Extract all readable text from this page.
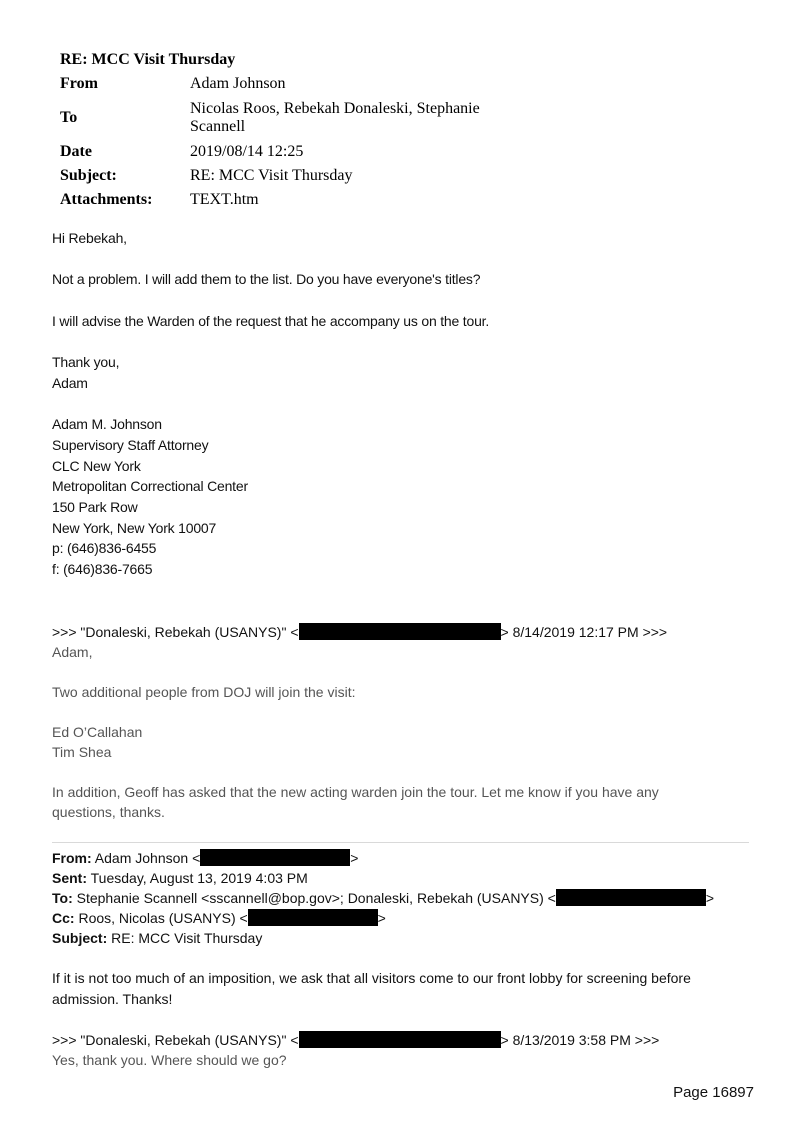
RE: MCC Visit Thursday	
From	Adam Johnson
To	Nicolas Roos, Rebekah Donaleski, Stephanie
Scannell

Date	2019/08/14 12:25
Subject:	RE: MCC Visit Thursday
Attachments:	TEXT.htm
Hi Rebekah,
Not a problem. I will add them to the list. Do you have everyone's titles?
I will advise the Warden of the request that he accompany us on the tour.
Thank you,
Adam
Adam M. Johnson
Supervisory Staff Attorney
CLC New York
Metropolitan Correctional Center
150 Park Row
New York, New York 10007
p: (646)836-6455
f: (646)836-7665
>>> "Donaleski, Rebekah (USANYS)" <	> 8/14/2019 12:17 PM >>>
Adam,
Two additional people from DOJ will join the visit:
Ed O’Callahan
Tim Shea
In addition, Geoff has asked that the new acting warden join the tour. Let me know if you have any
questions, thanks.
From: Adam Johnson <	>
Sent: Tuesday, August 13, 2019 4:03 PM
To: Stephanie Scannell <sscannell@bop.gov>; Donaleski, Rebekah (USANYS) <	>
Cc: Roos, Nicolas (USANYS) <	>
Subject: RE: MCC Visit Thursday
If it is not too much of an imposition, we ask that all visitors come to our front lobby for screening before
admission. Thanks!
>>> "Donaleski, Rebekah (USANYS)" <	> 8/13/2019 3:58 PM >>>
Yes, thank you. Where should we go?
Page 16897
